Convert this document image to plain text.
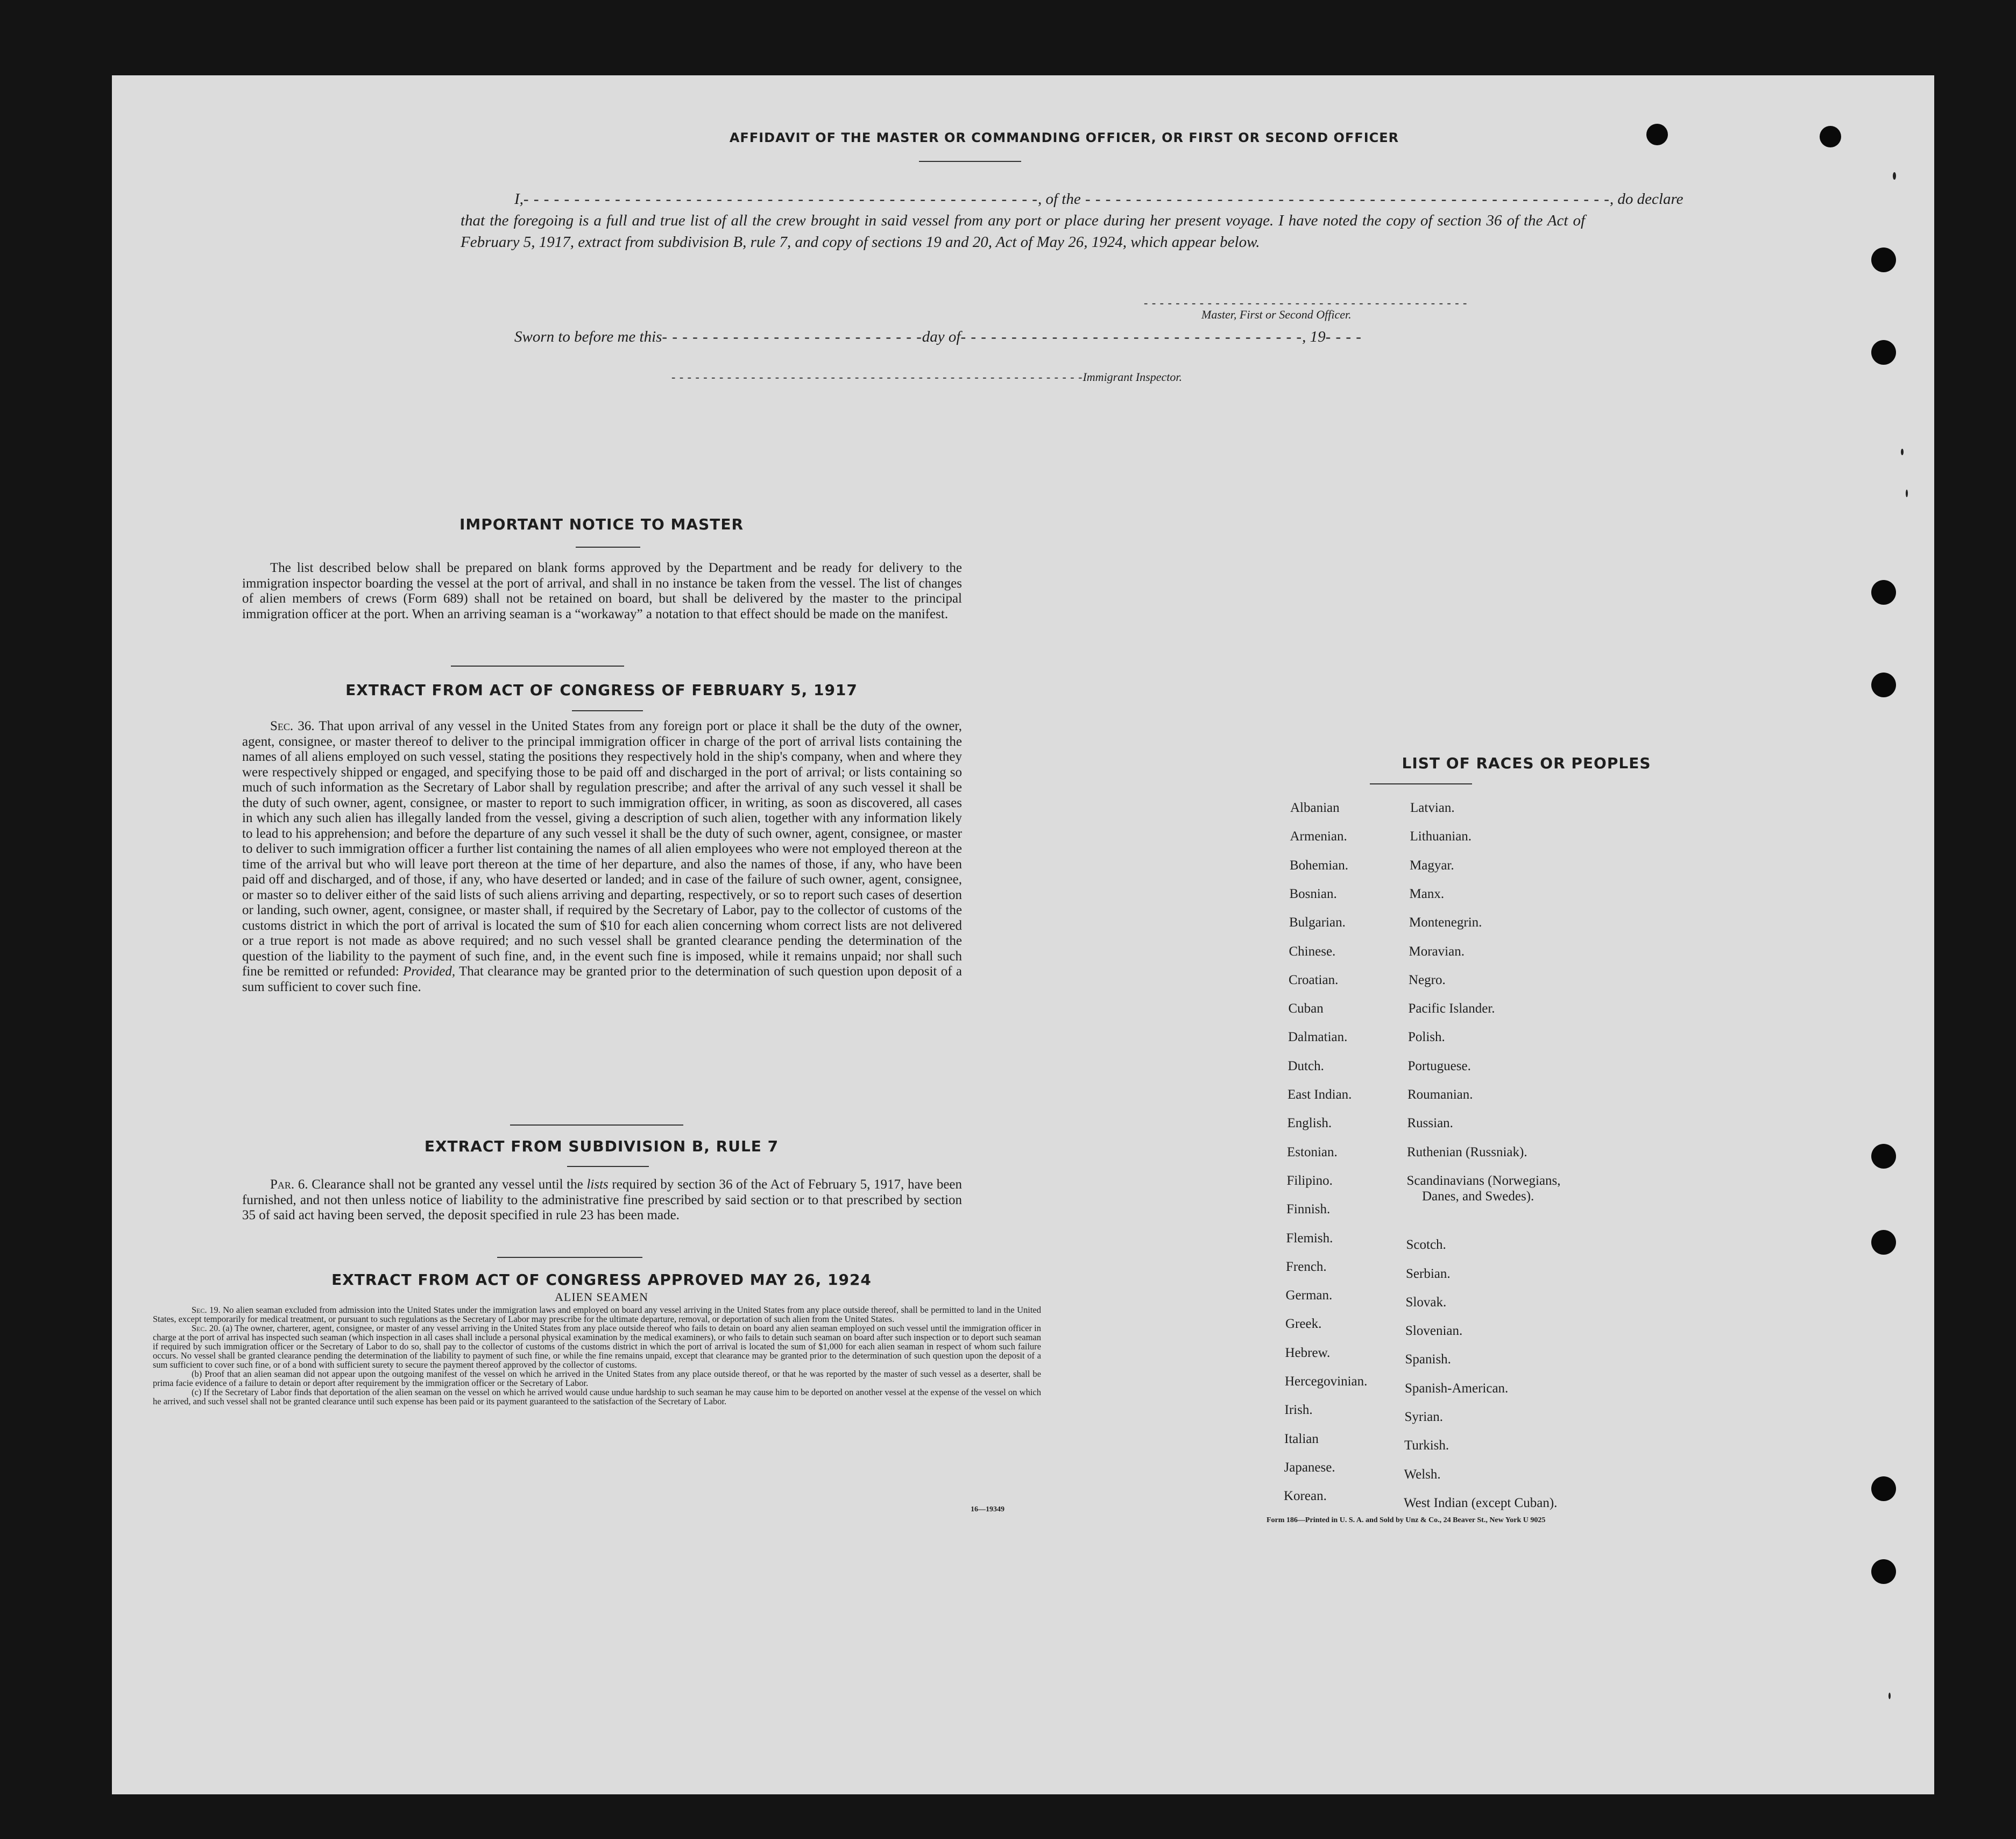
AFFIDAVIT OF THE MASTER OR COMMANDING OFFICER, OR FIRST OR SECOND OFFICER
I,- - - - - - - - - - - - - - - - - - - - - - - - - - - - - - - - - - - - - - - - - - - - - - - - - - -, of the - - - - - - - - - - - - - - - - - - - - - - - - - - - - - - - - - - - - - - - - - - - - - - - - - - - -, do declare
that the foregoing is a full and true list of all the crew brought in said vessel from any port or place during her present voyage. I have noted the copy of section 36 of the Act of February 5, 1917, extract from subdivision B, rule 7, and copy of sections 19 and 20, Act of May 26, 1924, which appear below.
- - - - - - - - - - - - - - - - - - - - - - - - - - - - - - - - - - - - - - - - -
Master, First or Second Officer.
Sworn to before me this- - - - - - - - - - - - - - - - - - - - - - - - - -day of- - - - - - - - - - - - - - - - - - - - - - - - - - - - - - - - - -, 19- - - -
- - - - - - - - - - - - - - - - - - - - - - - - - - - - - - - - - - - - - - - - - - - - - - - - - - - -Immigrant Inspector.
IMPORTANT NOTICE TO MASTER
The list described below shall be prepared on blank forms approved by the Department and be ready for delivery to the immigration inspector boarding the vessel at the port of arrival, and shall in no instance be taken from the vessel. The list of changes of alien members of crews (Form 689) shall not be retained on board, but shall be delivered by the master to the principal immigration officer at the port. When an arriving seaman is a “workaway” a notation to that effect should be made on the manifest.
EXTRACT FROM ACT OF CONGRESS OF FEBRUARY 5, 1917
Sec. 36. That upon arrival of any vessel in the United States from any foreign port or place it shall be the duty of the owner, agent, consignee, or master thereof to deliver to the principal immigration officer in charge of the port of arrival lists containing the names of all aliens employed on such vessel, stating the positions they respectively hold in the ship's company, when and where they were respectively shipped or engaged, and specifying those to be paid off and discharged in the port of arrival; or lists containing so much of such information as the Secretary of Labor shall by regulation prescribe; and after the arrival of any such vessel it shall be the duty of such owner, agent, consignee, or master to report to such immigration officer, in writing, as soon as discovered, all cases in which any such alien has illegally landed from the vessel, giving a description of such alien, together with any information likely to lead to his apprehension; and before the departure of any such vessel it shall be the duty of such owner, agent, consignee, or master to deliver to such immigration officer a further list containing the names of all alien employees who were not employed thereon at the time of the arrival but who will leave port thereon at the time of her departure, and also the names of those, if any, who have been paid off and discharged, and of those, if any, who have deserted or landed; and in case of the failure of such owner, agent, consignee, or master so to deliver either of the said lists of such aliens arriving and departing, respectively, or so to report such cases of desertion or landing, such owner, agent, consignee, or master shall, if required by the Secretary of Labor, pay to the collector of customs of the customs district in which the port of arrival is located the sum of $10 for each alien concerning whom correct lists are not delivered or a true report is not made as above required; and no such vessel shall be granted clearance pending the determination of the question of the liability to the payment of such fine, and, in the event such fine is imposed, while it remains unpaid; nor shall such fine be remitted or refunded: Provided, That clearance may be granted prior to the determination of such question upon deposit of a sum sufficient to cover such fine.
EXTRACT FROM SUBDIVISION B, RULE 7
Par. 6. Clearance shall not be granted any vessel until the lists required by section 36 of the Act of February 5, 1917, have been furnished, and not then unless notice of liability to the administrative fine prescribed by said section or to that prescribed by section 35 of said act having been served, the deposit specified in rule 23 has been made.
EXTRACT FROM ACT OF CONGRESS APPROVED MAY 26, 1924
ALIEN SEAMEN
Sec. 19. No alien seaman excluded from admission into the United States under the immigration laws and employed on board any vessel arriving in the United States from any place outside thereof, shall be permitted to land in the United States, except temporarily for medical treatment, or pursuant to such regulations as the Secretary of Labor may prescribe for the ultimate departure, removal, or deportation of such alien from the United States.
Sec. 20. (a) The owner, charterer, agent, consignee, or master of any vessel arriving in the United States from any place outside thereof who fails to detain on board any alien seaman employed on such vessel until the immigration officer in charge at the port of arrival has inspected such seaman (which inspection in all cases shall include a personal physical examination by the medical examiners), or who fails to detain such seaman on board after such inspection or to deport such seaman if required by such immigration officer or the Secretary of Labor to do so, shall pay to the collector of customs of the customs district in which the port of arrival is located the sum of $1,000 for each alien seaman in respect of whom such failure occurs. No vessel shall be granted clearance pending the determination of the liability to payment of such fine, or while the fine remains unpaid, except that clearance may be granted prior to the determination of such question upon the deposit of a sum sufficient to cover such fine, or of a bond with sufficient surety to secure the payment thereof approved by the collector of customs.
(b) Proof that an alien seaman did not appear upon the outgoing manifest of the vessel on which he arrived in the United States from any place outside thereof, or that he was reported by the master of such vessel as a deserter, shall be prima facie evidence of a failure to detain or deport after requirement by the immigration officer or the Secretary of Labor.
(c) If the Secretary of Labor finds that deportation of the alien seaman on the vessel on which he arrived would cause undue hardship to such seaman he may cause him to be deported on another vessel at the expense of the vessel on which he arrived, and such vessel shall not be granted clearance until such expense has been paid or its payment guaranteed to the satisfaction of the Secretary of Labor.
16—19349
LIST OF RACES OR PEOPLES
Form 186—Printed in U. S. A. and Sold by Unz & Co., 24 Beaver St., New York U 9025
Albanian
Armenian.
Bohemian.
Bosnian.
Bulgarian.
Chinese.
Croatian.
Cuban
Dalmatian.
Dutch.
East Indian.
English.
Estonian.
Filipino.
Finnish.
Flemish.
French.
German.
Greek.
Hebrew.
Hercegovinian.
Irish.
Italian
Japanese.
Korean.
Latvian.
Lithuanian.
Magyar.
Manx.
Montenegrin.
Moravian.
Negro.
Pacific Islander.
Polish.
Portuguese.
Roumanian.
Russian.
Ruthenian (Russniak).
Scandinavians (Norwegians,
Danes, and Swedes).
Scotch.
Serbian.
Slovak.
Slovenian.
Spanish.
Spanish-American.
Syrian.
Turkish.
Welsh.
West Indian (except Cuban).
